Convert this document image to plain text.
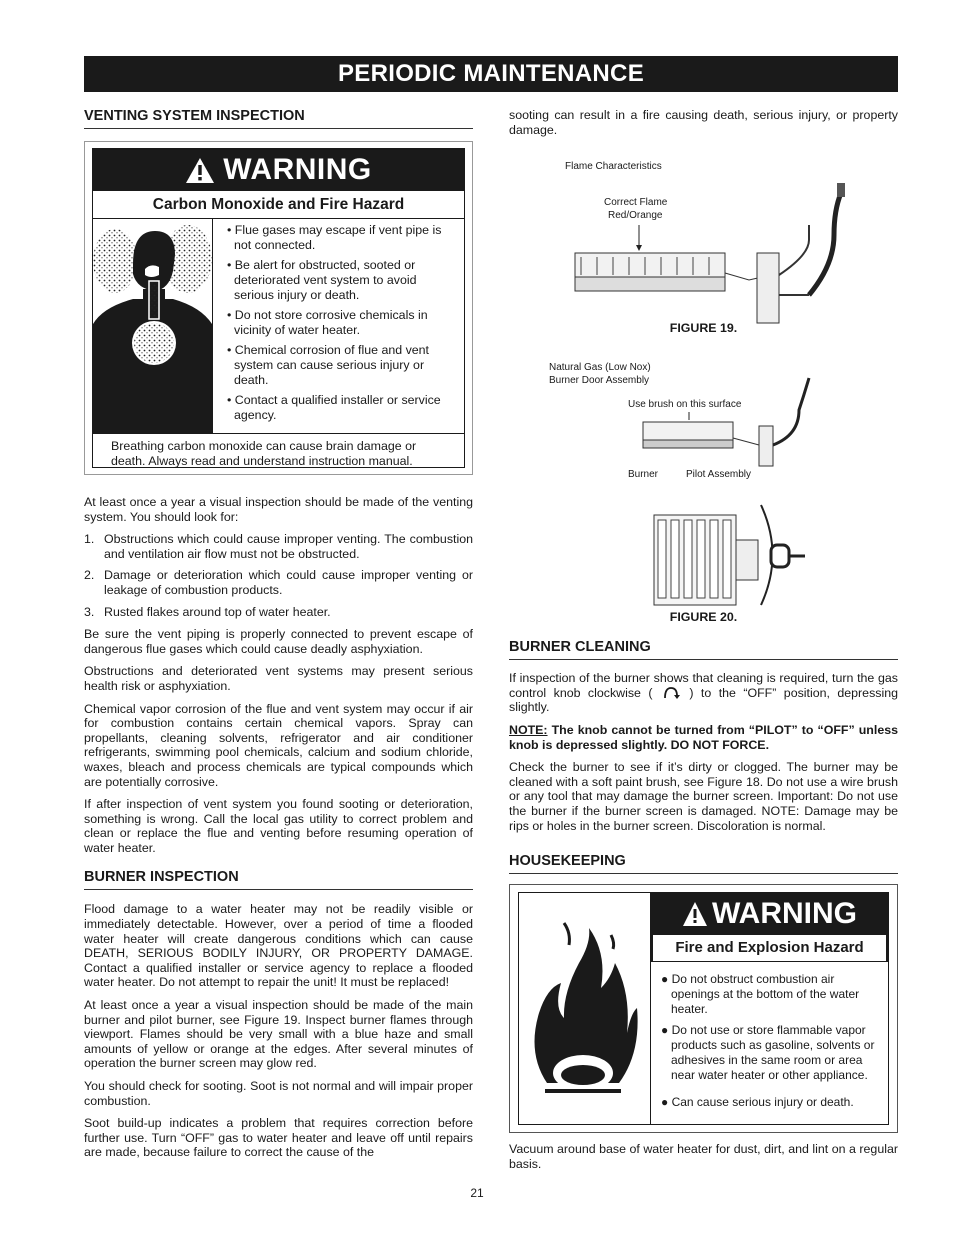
PERIODIC MAINTENANCE
VENTING SYSTEM INSPECTION
WARNING
Carbon Monoxide and Fire Hazard
• Flue gases may escape if vent pipe is not connected.
• Be alert for obstructed, sooted or deteriorated vent system to avoid serious injury or death.
• Do not store corrosive chemicals in vicinity of water heater.
• Chemical corrosion of flue and vent system can cause serious injury or death.
• Contact a qualified installer or service agency.
Breathing carbon monoxide can cause brain damage or death. Always read and understand instruction manual.

At least once a year a visual inspection should be made of the venting system. You should look for:

1. Obstructions which could cause improper venting. The combustion and ventilation air flow must not be obstructed.
2. Damage or deterioration which could cause improper venting or leakage of combustion products.
3. Rusted flakes around top of water heater.

Be sure the vent piping is properly connected to prevent escape of dangerous flue gases which could cause deadly asphyxiation.

Obstructions and deteriorated vent systems may present serious health risk or asphyxiation.

Chemical vapor corrosion of the flue and vent system may occur if air for combustion contains certain chemical vapors. Spray can propellants, cleaning solvents, refrigerator and air conditioner refrigerants, swimming pool chemicals, calcium and sodium chloride, waxes, bleach and process chemicals are typical compounds which are potentially corrosive.

If after inspection of vent system you found sooting or deterioration, something is wrong. Call the local gas utility to correct problem and clean or replace the flue and venting before resuming operation of water heater.

BURNER INSPECTION

Flood damage to a water heater may not be readily visible or immediately detectable. However, over a period of time a flooded water heater will create dangerous conditions which can cause DEATH, SERIOUS BODILY INJURY, OR PROPERTY DAMAGE. Contact a qualified installer or service agency to replace a flooded water heater. Do not attempt to repair the unit! It must be replaced!

At least once a year a visual inspection should be made of the main burner and pilot burner, see Figure 19. Inspect burner flames through viewport. Flames should be very small with a blue haze and small amounts of yellow or orange at the edges. After several minutes of operation the burner screen may glow red.

You should check for sooting. Soot is not normal and will impair proper combustion.

Soot build-up indicates a problem that requires correction before further use. Turn “OFF” gas to water heater and leave off until repairs are made, because failure to correct the cause of the

sooting can result in a fire causing death, serious injury, or property damage.

Flame Characteristics
Correct Flame
Red/Orange
FIGURE 19.
Natural Gas (Low Nox)
Burner Door Assembly
Use brush on this surface
Burner	Pilot Assembly
FIGURE 20.
BURNER CLEANING

If inspection of the burner shows that cleaning is required, turn the gas control knob clockwise (	) to the “OFF” position, depressing slightly.

NOTE: The knob cannot be turned from “PILOT” to “OFF” unless knob is depressed slightly. DO NOT FORCE.

Check the burner to see if it’s dirty or clogged. The burner may be cleaned with a soft paint brush, see Figure 18. Do not use a wire brush or any tool that may damage the burner screen. Important: Do not use the burner if the burner screen is damaged. NOTE: Damage may be rips or holes in the burner screen. Discoloration is normal.

HOUSEKEEPING
WARNING
Fire and Explosion Hazard
● Do not obstruct combustion air openings at the bottom of the water heater.
● Do not use or store flammable vapor products such as gasoline, solvents or adhesives in the same room or area near water heater or other appliance.
● Can cause serious injury or death.

Vacuum around base of water heater for dust, dirt, and lint on a regular basis.

21
